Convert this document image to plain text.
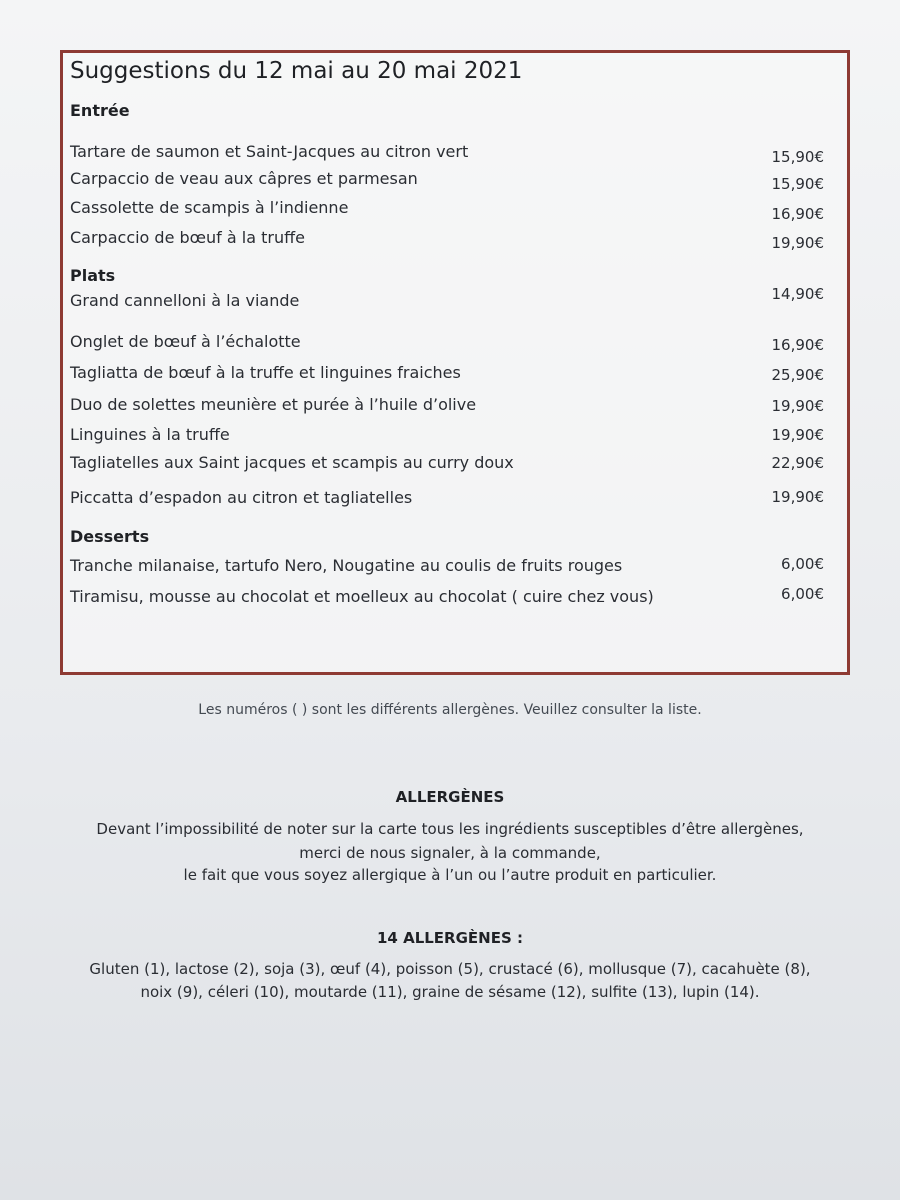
Suggestions du 12 mai au 20 mai 2021
Entrée
Tartare de saumon et Saint-Jacques au citron vert	15,90€
Carpaccio de veau aux câpres et parmesan	15,90€
Cassolette de scampis à l’indienne	16,90€
Carpaccio de bœuf à la truffe	19,90€
Plats
Grand cannelloni à la viande	14,90€
Onglet de bœuf à l’échalotte	16,90€
Tagliatta de bœuf à la truffe et linguines fraiches	25,90€
Duo de solettes meunière et purée à l’huile d’olive	19,90€
Linguines à la truffe	19,90€
Tagliatelles aux Saint jacques et scampis au curry doux	22,90€
Piccatta d’espadon au citron et tagliatelles	19,90€
Desserts
Tranche milanaise, tartufo Nero, Nougatine au coulis de fruits rouges	6,00€
Tiramisu, mousse au chocolat et moelleux au chocolat ( cuire chez vous)	6,00€
Les numéros ( ) sont les différents allergènes. Veuillez consulter la liste.
ALLERGÈNES
Devant l’impossibilité de noter sur la carte tous les ingrédients susceptibles d’être allergènes,
merci de nous signaler, à la commande,
le fait que vous soyez allergique à l’un ou l’autre produit en particulier.
14 ALLERGÈNES :
Gluten (1), lactose (2), soja (3), œuf (4), poisson (5), crustacé (6), mollusque (7), cacahuète (8),
noix (9), céleri (10), moutarde (11), graine de sésame (12), sulfite (13), lupin (14).
